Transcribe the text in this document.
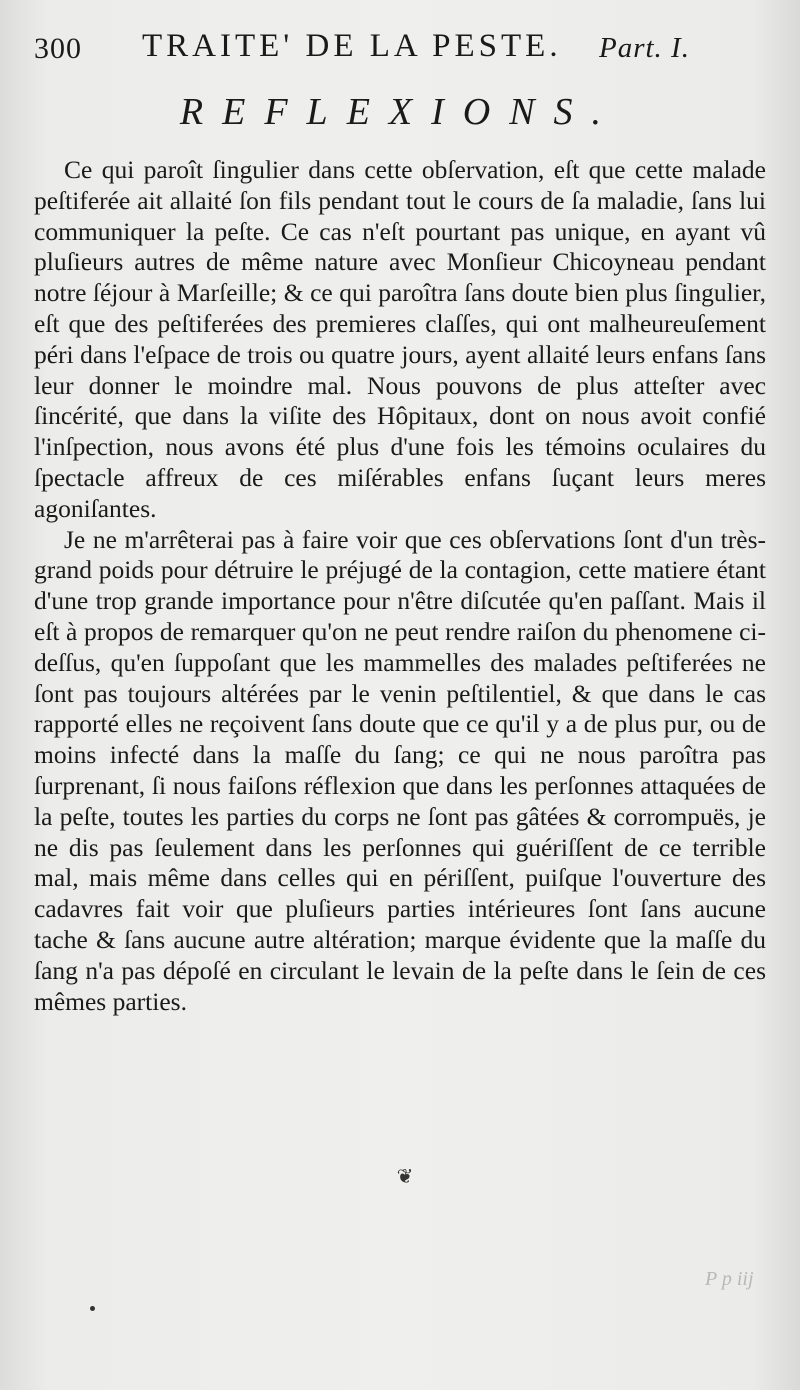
300 TRAITE' DE LA PESTE. Part. I.
REFLEXIONS.

Ce qui paroît ſingulier dans cette obſervation, eſt que cette malade peſtiferée ait allaité ſon fils pendant tout le cours de ſa maladie, ſans lui communiquer la peſte. Ce cas n'eſt pourtant pas unique, en ayant vû pluſieurs autres de même nature avec Monſieur Chicoyneau pendant notre ſéjour à Marſeille; & ce qui paroîtra ſans doute bien plus ſingulier, eſt que des peſtiferées des premieres claſſes, qui ont malheureuſement péri dans l'eſpace de trois ou quatre jours, ayent allaité leurs enfans ſans leur donner le moindre mal. Nous pouvons de plus atteſter avec ſincérité, que dans la viſite des Hôpitaux, dont on nous avoit confié l'inſpection, nous avons été plus d'une fois les témoins oculaires du ſpectacle affreux de ces miſérables enfans ſuçant leurs meres agoniſantes.

Je ne m'arrêterai pas à faire voir que ces obſervations ſont d'un très-grand poids pour détruire le préjugé de la contagion, cette matiere étant d'une trop grande importance pour n'être diſcutée qu'en paſſant. Mais il eſt à propos de remarquer qu'on ne peut rendre raiſon du phenomene ci-deſſus, qu'en ſuppoſant que les mammelles des malades peſtiferées ne ſont pas toujours altérées par le venin peſtilentiel, & que dans le cas rapporté elles ne reçoivent ſans doute que ce qu'il y a de plus pur, ou de moins infecté dans la maſſe du ſang; ce qui ne nous paroîtra pas ſurprenant, ſi nous faiſons réflexion que dans les perſonnes attaquées de la peſte, toutes les parties du corps ne ſont pas gâtées & corrompuës, je ne dis pas ſeulement dans les perſonnes qui guériſſent de ce terrible mal, mais même dans celles qui en périſſent, puiſque l'ouverture des cadavres fait voir que pluſieurs parties intérieures ſont ſans aucune tache & ſans aucune autre altération; marque évidente que la maſſe du ſang n'a pas dépoſé en circulant le levain de la peſte dans le ſein de ces mêmes parties.

❦
P p iij
